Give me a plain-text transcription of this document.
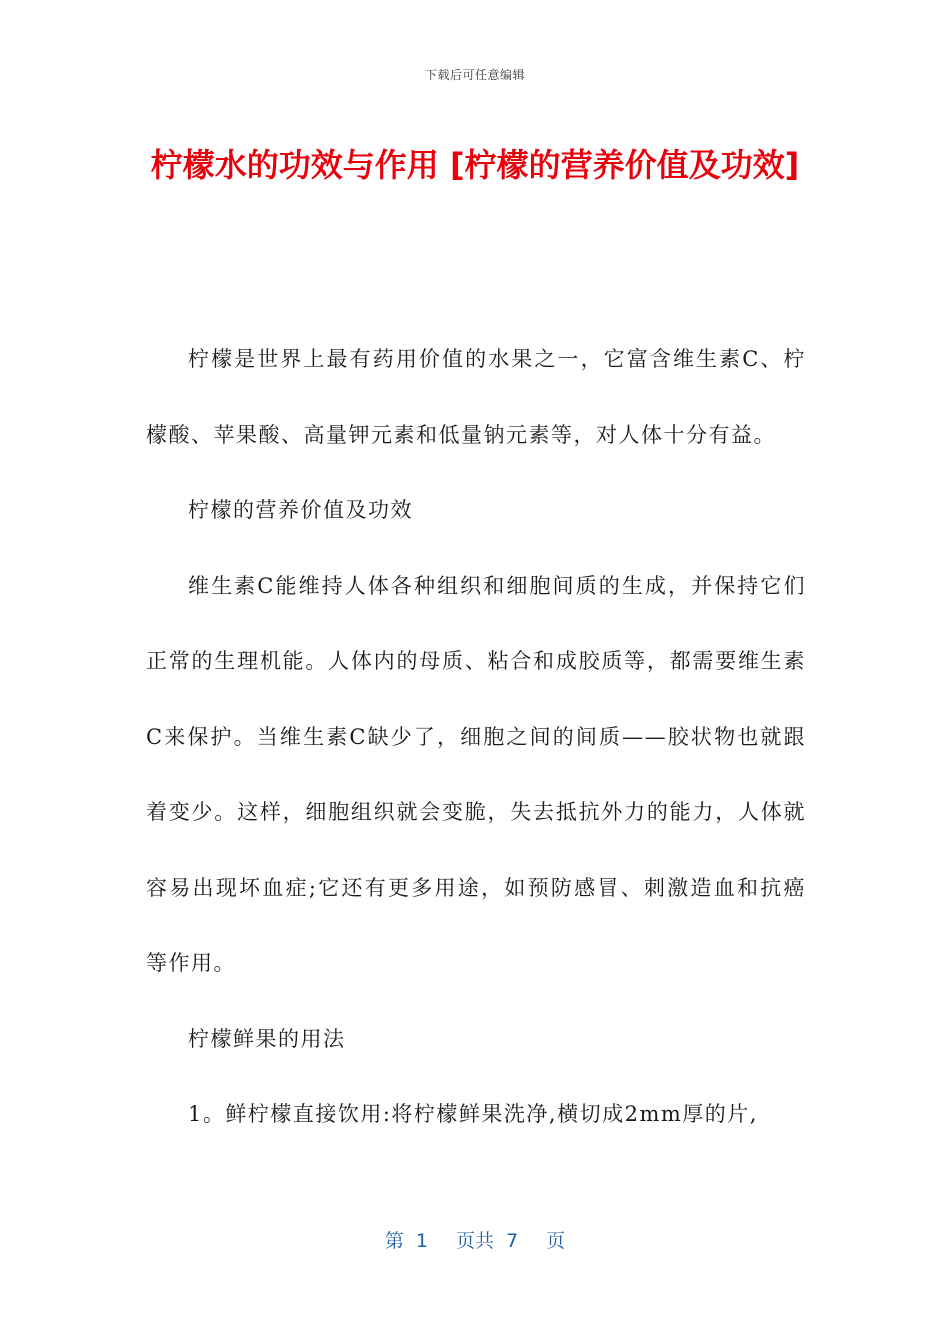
下载后可任意编辑
柠檬水的功效与作用 [柠檬的营养价值及功效]

柠檬是世界上最有药用价值的水果之一，它富含维生素C、柠檬酸、苹果酸、高量钾元素和低量钠元素等，对人体十分有益。

柠檬的营养价值及功效

维生素C能维持人体各种组织和细胞间质的生成，并保持它们正常的生理机能。人体内的母质、粘合和成胶质等，都需要维生素C来保护。当维生素C缺少了，细胞之间的间质——胶状物也就跟着变少。这样，细胞组织就会变脆，失去抵抗外力的能力，人体就容易出现坏血症;它还有更多用途，如预防感冒、刺激造血和抗癌等作用。

柠檬鲜果的用法

1。鲜柠檬直接饮用:将柠檬鲜果洗净,横切成2mm厚的片,

第 1 页共 7 页
